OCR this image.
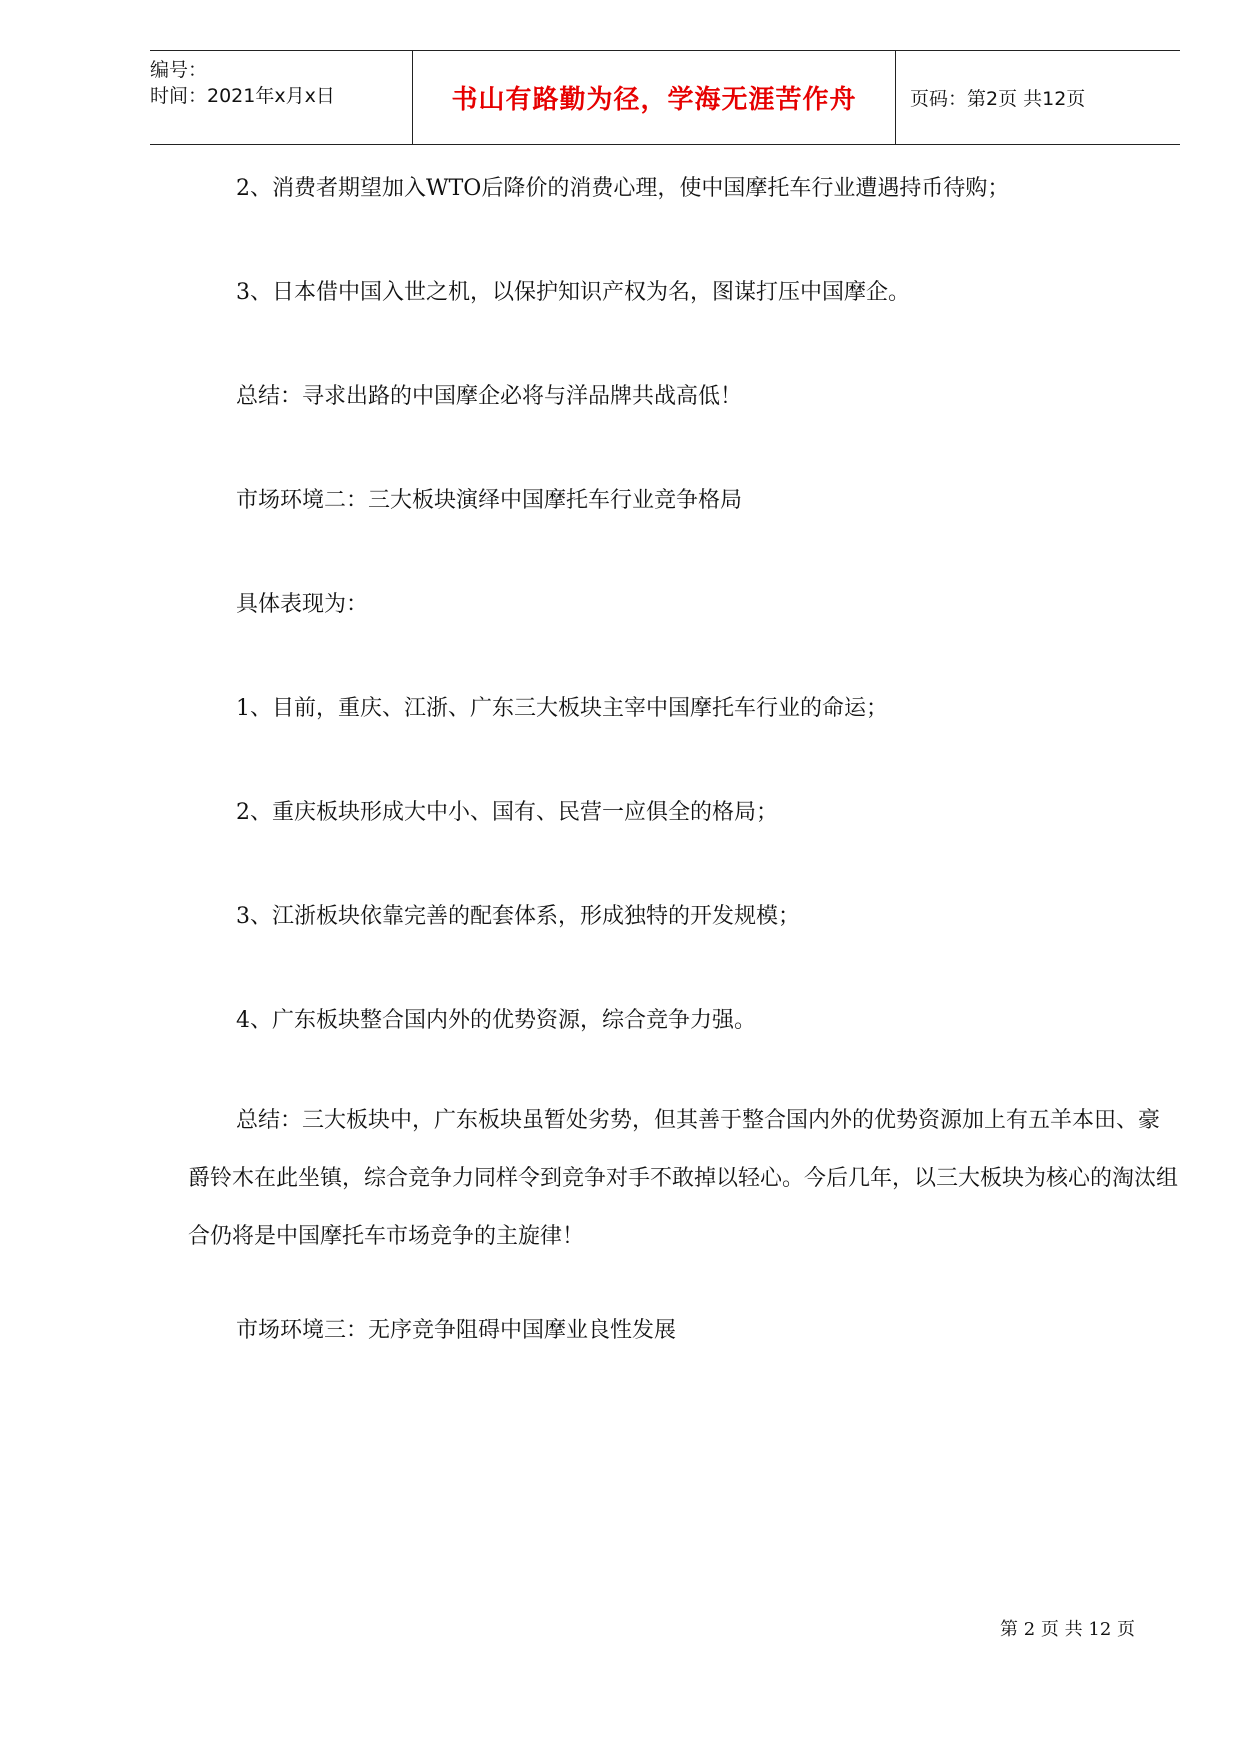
编号：
时间：2021年x月x日	书山有路勤为径，学海无涯苦作舟	页码：第2页 共12页
2、消费者期望加入WTO后降价的消费心理，使中国摩托车行业遭遇持币待购；
3、日本借中国入世之机，以保护知识产权为名，图谋打压中国摩企。
总结：寻求出路的中国摩企必将与洋品牌共战高低！
市场环境二：三大板块演绎中国摩托车行业竞争格局
具体表现为：
1、目前，重庆、江浙、广东三大板块主宰中国摩托车行业的命运；
2、重庆板块形成大中小、国有、民营一应俱全的格局；
3、江浙板块依靠完善的配套体系，形成独特的开发规模；
4、广东板块整合国内外的优势资源，综合竞争力强。
总结：三大板块中，广东板块虽暂处劣势，但其善于整合国内外的优势资源加上有五羊本田、豪爵铃木在此坐镇，综合竞争力同样令到竞争对手不敢掉以轻心。今后几年，以三大板块为核心的淘汰组合仍将是中国摩托车市场竞争的主旋律！
市场环境三：无序竞争阻碍中国摩业良性发展
第 2 页 共 12 页
